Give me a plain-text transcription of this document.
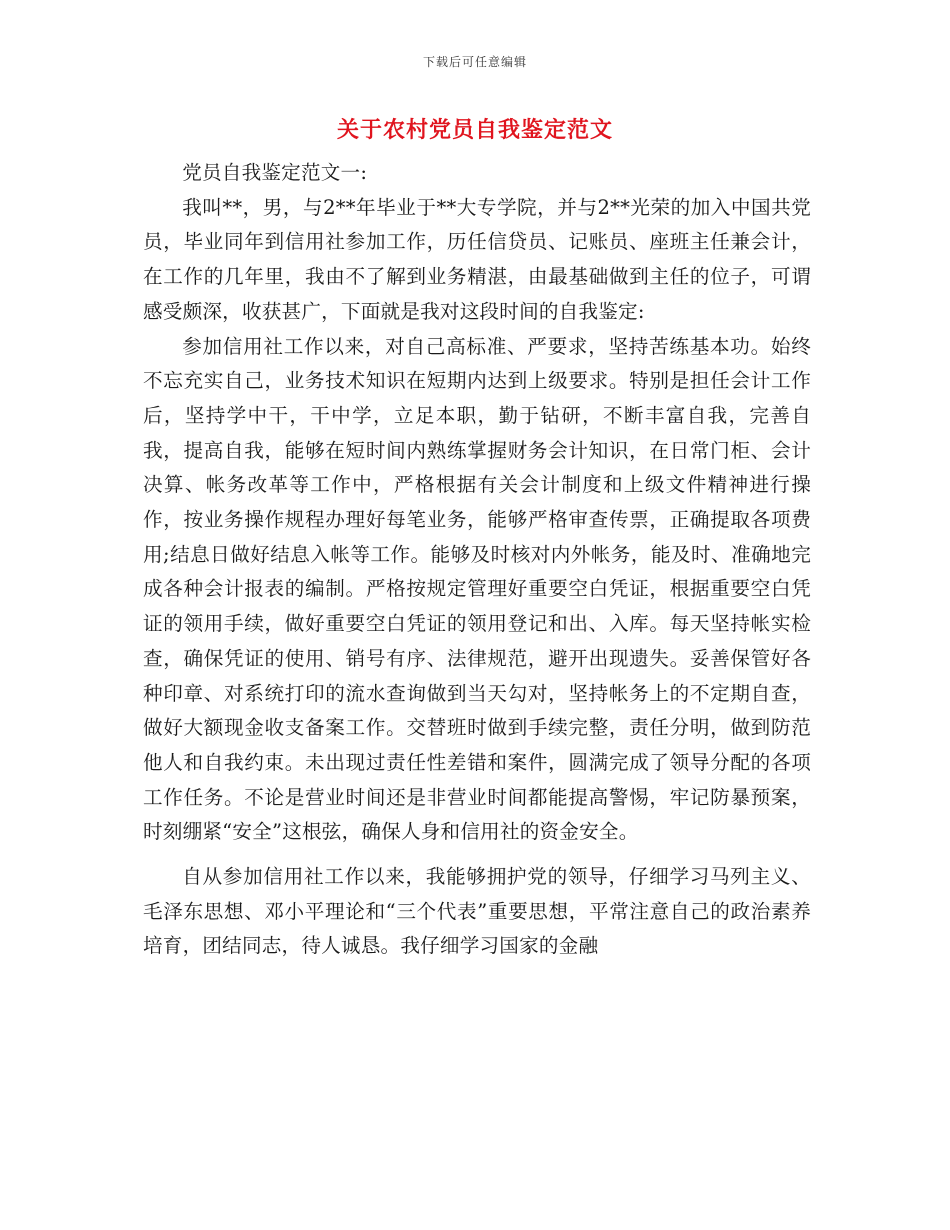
下载后可任意编辑
关于农村党员自我鉴定范文

党员自我鉴定范文一:

我叫**，男，与2**年毕业于**大专学院，并与2**光荣的加入中国共党员，毕业同年到信用社参加工作，历任信贷员、记账员、座班主任兼会计，在工作的几年里，我由不了解到业务精湛，由最基础做到主任的位子，可谓感受颇深，收获甚广，下面就是我对这段时间的自我鉴定:

参加信用社工作以来，对自己高标准、严要求，坚持苦练基本功。始终不忘充实自己，业务技术知识在短期内达到上级要求。特别是担任会计工作后，坚持学中干，干中学，立足本职，勤于钻研，不断丰富自我，完善自我，提高自我，能够在短时间内熟练掌握财务会计知识，在日常门柜、会计决算、帐务改革等工作中，严格根据有关会计制度和上级文件精神进行操作，按业务操作规程办理好每笔业务，能够严格审查传票，正确提取各项费用;结息日做好结息入帐等工作。能够及时核对内外帐务，能及时、准确地完成各种会计报表的编制。严格按规定管理好重要空白凭证，根据重要空白凭证的领用手续，做好重要空白凭证的领用登记和出、入库。每天坚持帐实检查，确保凭证的使用、销号有序、法律规范，避开出现遗失。妥善保管好各种印章、对系统打印的流水查询做到当天勾对，坚持帐务上的不定期自查，做好大额现金收支备案工作。交替班时做到手续完整，责任分明，做到防范他人和自我约束。未出现过责任性差错和案件，圆满完成了领导分配的各项工作任务。不论是营业时间还是非营业时间都能提高警惕，牢记防暴预案，时刻绷紧“安全”这根弦，确保人身和信用社的资金安全。

自从参加信用社工作以来，我能够拥护党的领导，仔细学习马列主义、毛泽东思想、邓小平理论和“三个代表”重要思想，平常注意自己的政治素养培育，团结同志，待人诚恳。我仔细学习国家的金融
